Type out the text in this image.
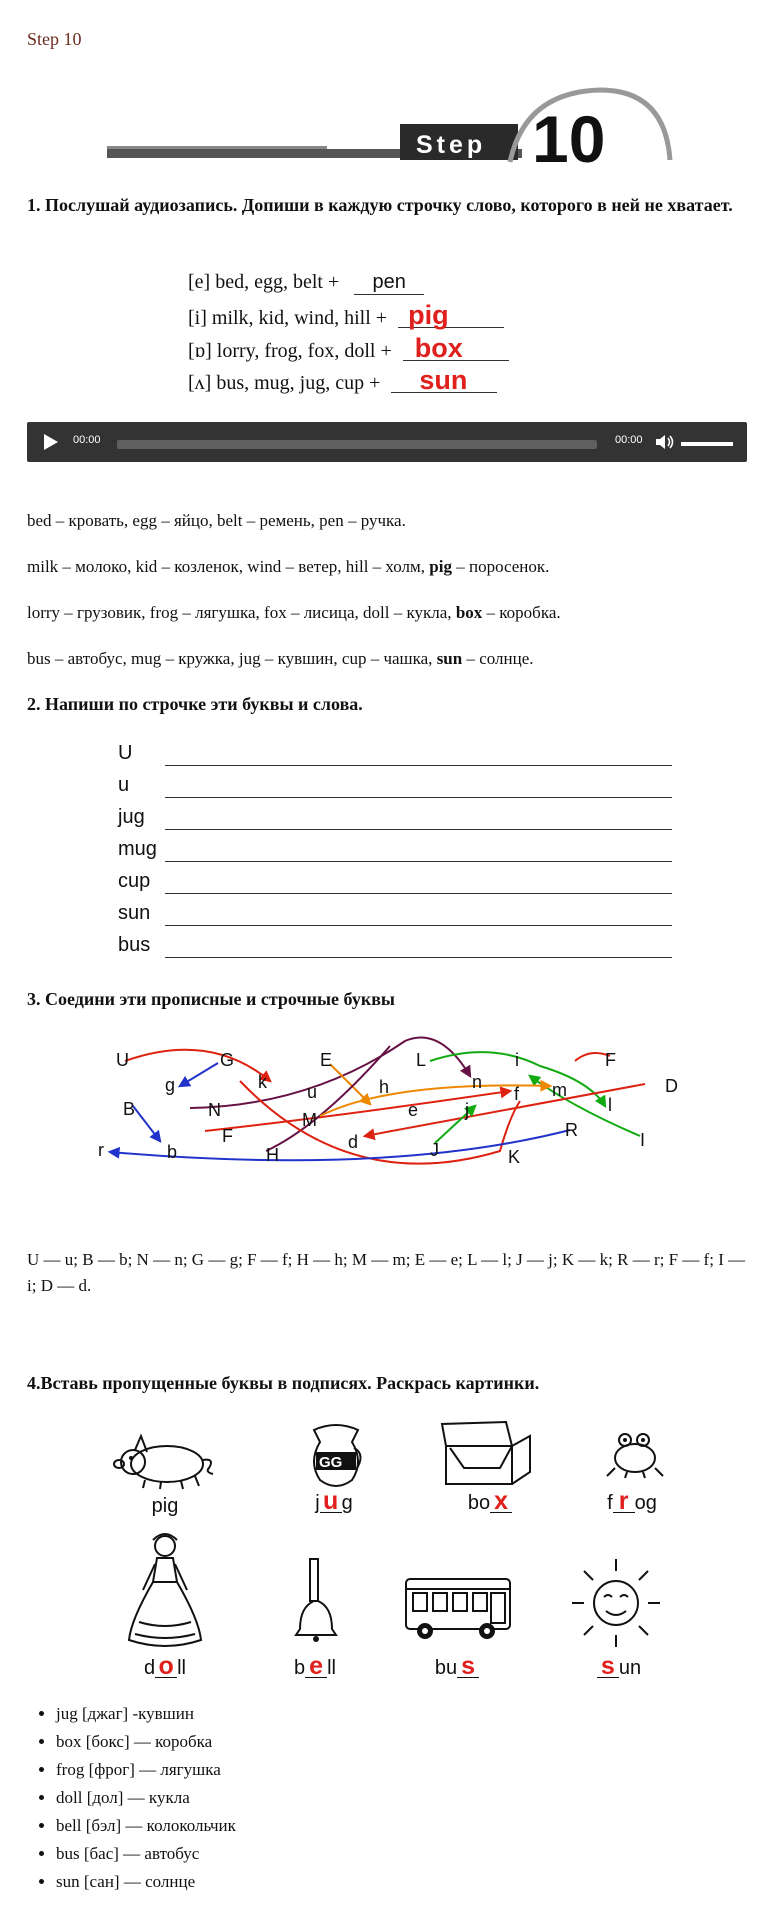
Step 10
Step 10
1. Послушай аудиозапись. Допиши в каждую строчку слово, которого в ней не хватает.
[e] bed, egg, belt + pen
[i] milk, kid, wind, hill + pig
[ɒ] lorry, frog, fox, doll + box
[ʌ] bus, mug, jug, cup + sun
00:00	00:00
bed – кровать, egg – яйцо, belt – ремень, pen – ручка.
milk – молоко, kid – козленок, wind – ветер, hill – холм, pig – поросенок.
lorry – грузовик, frog – лягушка, fox – лисица, doll – кукла, box – коробка.
bus – автобус, mug – кружка, jug – кувшин, cup – чашка, sun – солнце.
2. Напиши по строчке эти буквы и слова.
U
u
jug
mug
cup
sun
bus
3. Соедини эти прописные и строчные буквы
U	G
g	k u
E
h
L
n
i	F
m	D
B	N	e
f
M	j
F	d
b	H	J
R	I
r	K
l
U — u; B — b; N — n; G — g; F — f; H — h; M — m; E — e; L — l; J — j; K — k; R — r; F — f; I — i; D — d.
4.Вставь пропущенные буквы в подписях. Раскрась картинки.
GG
pig	j u g	bo x	f r og
d o ll	b e ll	bu s	s un
• jug [джаг] -кувшин
• box [бокс] — коробка
• frog [фрог] — лягушка
• doll [дол] — кукла
• bell [бэл] — колокольчик
• bus [бас] — автобус
• sun [сан] — солнце
